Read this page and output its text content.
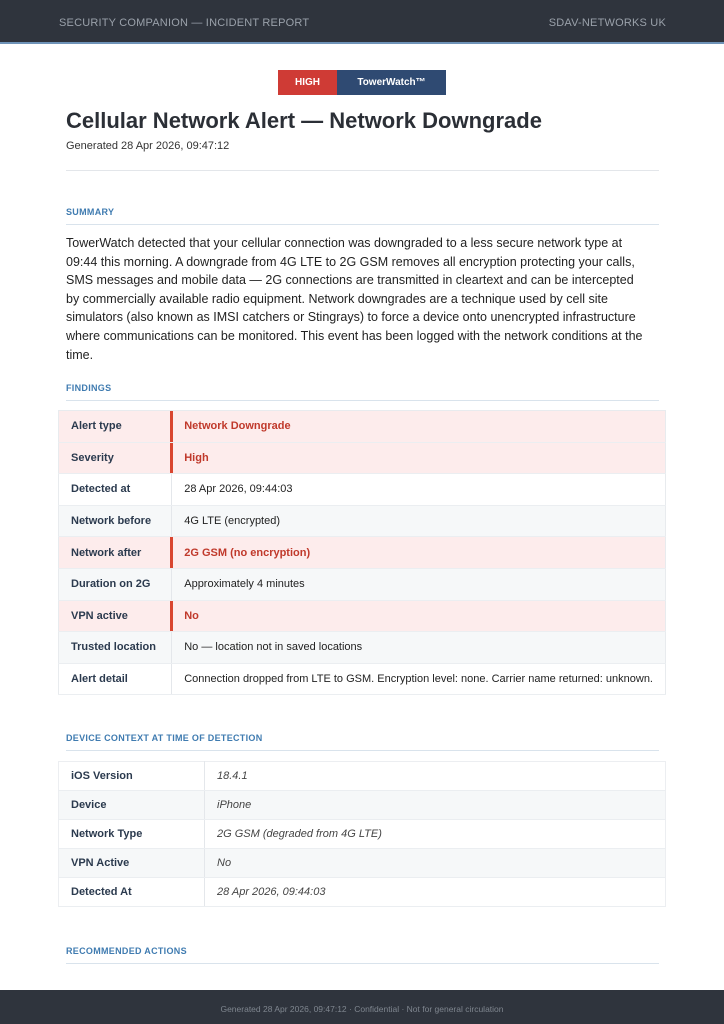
SECURITY COMPANION — INCIDENT REPORT	SDAV-NETWORKS UK
HIGH	TowerWatch™
Cellular Network Alert — Network Downgrade
Generated 28 Apr 2026, 09:47:12
SUMMARY

TowerWatch detected that your cellular connection was downgraded to a less secure network type at 09:44 this morning. A downgrade from 4G LTE to 2G GSM removes all encryption protecting your calls, SMS messages and mobile data — 2G connections are transmitted in cleartext and can be intercepted by commercially available radio equipment. Network downgrades are a technique used by cell site simulators (also known as IMSI catchers or Stingrays) to force a device onto unencrypted infrastructure where communications can be monitored. This event has been logged with the network conditions at the time.

FINDINGS
Alert type	Network Downgrade
Severity	High
Detected at	28 Apr 2026, 09:44:03
Network before	4G LTE (encrypted)
Network after	2G GSM (no encryption)
Duration on 2G	Approximately 4 minutes
VPN active	No
Trusted location	No — location not in saved locations
Alert detail	Connection dropped from LTE to GSM. Encryption level: none. Carrier name returned: unknown.
DEVICE CONTEXT AT TIME OF DETECTION
iOS Version	18.4.1
Device	iPhone
Network Type	2G GSM (degraded from 4G LTE)
VPN Active	No
Detected At	28 Apr 2026, 09:44:03
RECOMMENDED ACTIONS
Generated 28 Apr 2026, 09:47:12 · Confidential · Not for general circulation
